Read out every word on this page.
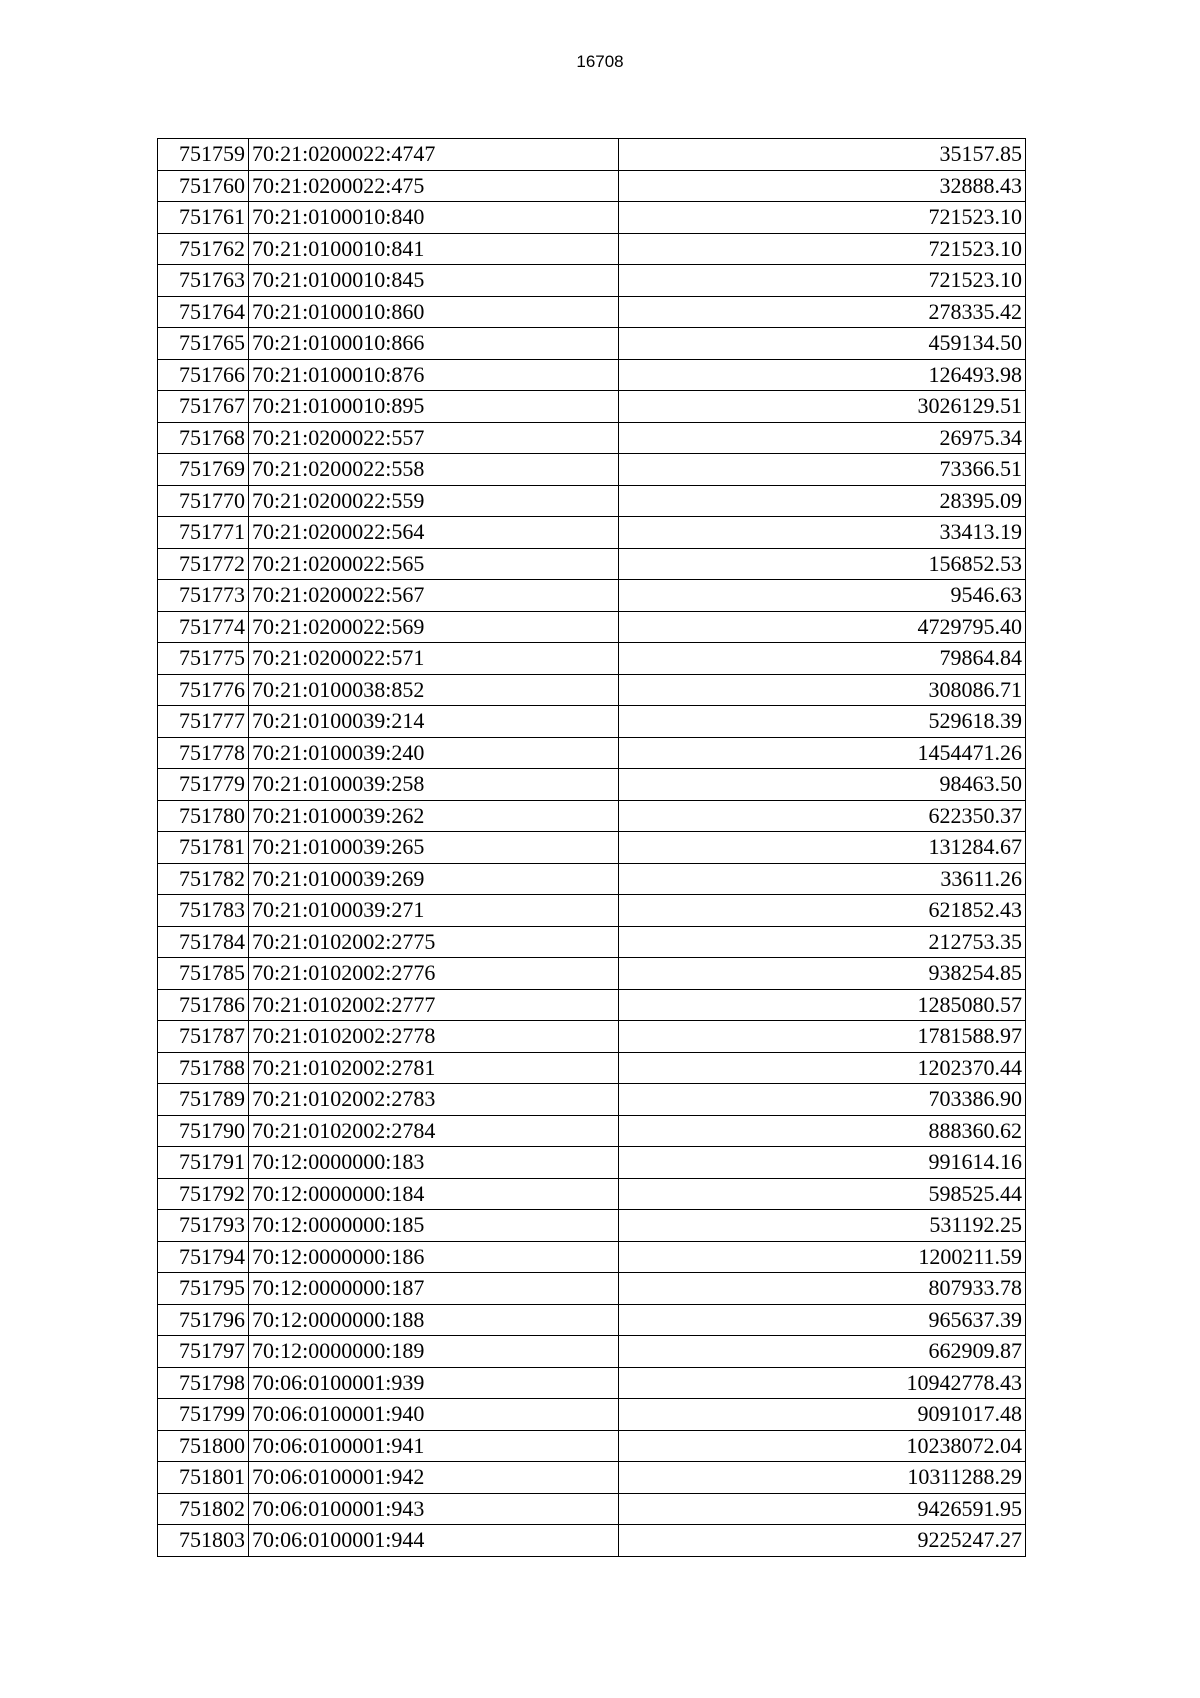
16708
751759	70:21:0200022:4747	35157.85
751760	70:21:0200022:475	32888.43
751761	70:21:0100010:840	721523.10
751762	70:21:0100010:841	721523.10
751763	70:21:0100010:845	721523.10
751764	70:21:0100010:860	278335.42
751765	70:21:0100010:866	459134.50
751766	70:21:0100010:876	126493.98
751767	70:21:0100010:895	3026129.51
751768	70:21:0200022:557	26975.34
751769	70:21:0200022:558	73366.51
751770	70:21:0200022:559	28395.09
751771	70:21:0200022:564	33413.19
751772	70:21:0200022:565	156852.53
751773	70:21:0200022:567	9546.63
751774	70:21:0200022:569	4729795.40
751775	70:21:0200022:571	79864.84
751776	70:21:0100038:852	308086.71
751777	70:21:0100039:214	529618.39
751778	70:21:0100039:240	1454471.26
751779	70:21:0100039:258	98463.50
751780	70:21:0100039:262	622350.37
751781	70:21:0100039:265	131284.67
751782	70:21:0100039:269	33611.26
751783	70:21:0100039:271	621852.43
751784	70:21:0102002:2775	212753.35
751785	70:21:0102002:2776	938254.85
751786	70:21:0102002:2777	1285080.57
751787	70:21:0102002:2778	1781588.97
751788	70:21:0102002:2781	1202370.44
751789	70:21:0102002:2783	703386.90
751790	70:21:0102002:2784	888360.62
751791	70:12:0000000:183	991614.16
751792	70:12:0000000:184	598525.44
751793	70:12:0000000:185	531192.25
751794	70:12:0000000:186	1200211.59
751795	70:12:0000000:187	807933.78
751796	70:12:0000000:188	965637.39
751797	70:12:0000000:189	662909.87
751798	70:06:0100001:939	10942778.43
751799	70:06:0100001:940	9091017.48
751800	70:06:0100001:941	10238072.04
751801	70:06:0100001:942	10311288.29
751802	70:06:0100001:943	9426591.95
751803	70:06:0100001:944	9225247.27
